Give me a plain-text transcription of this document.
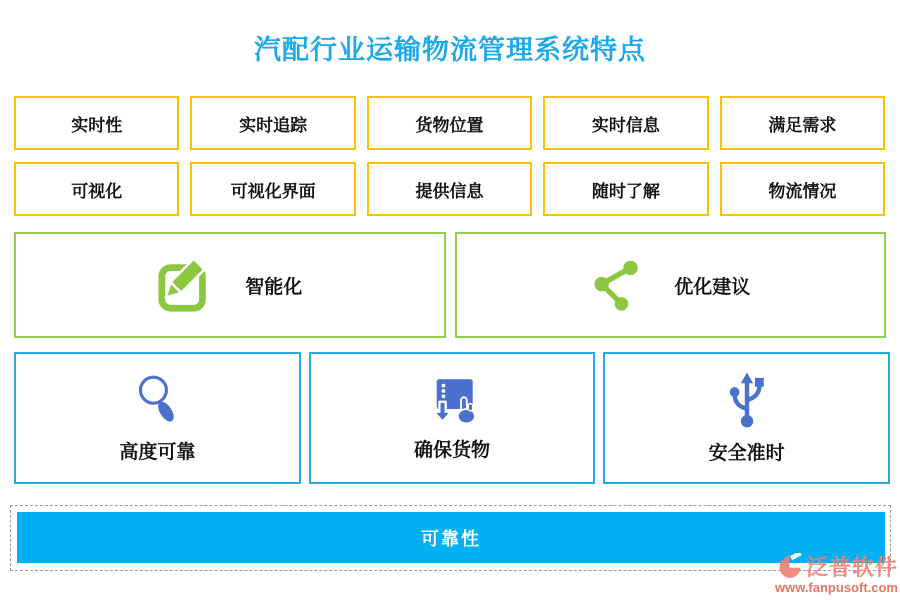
汽配行业运输物流管理系统特点
实时性	实时追踪	货物位置	实时信息	满足需求
可视化	可视化界面	提供信息	随时了解	物流情况
智能化	优化建议
高度可靠	确保货物	安全准时
可靠性
泛普软件
www.fanpusoft.com
